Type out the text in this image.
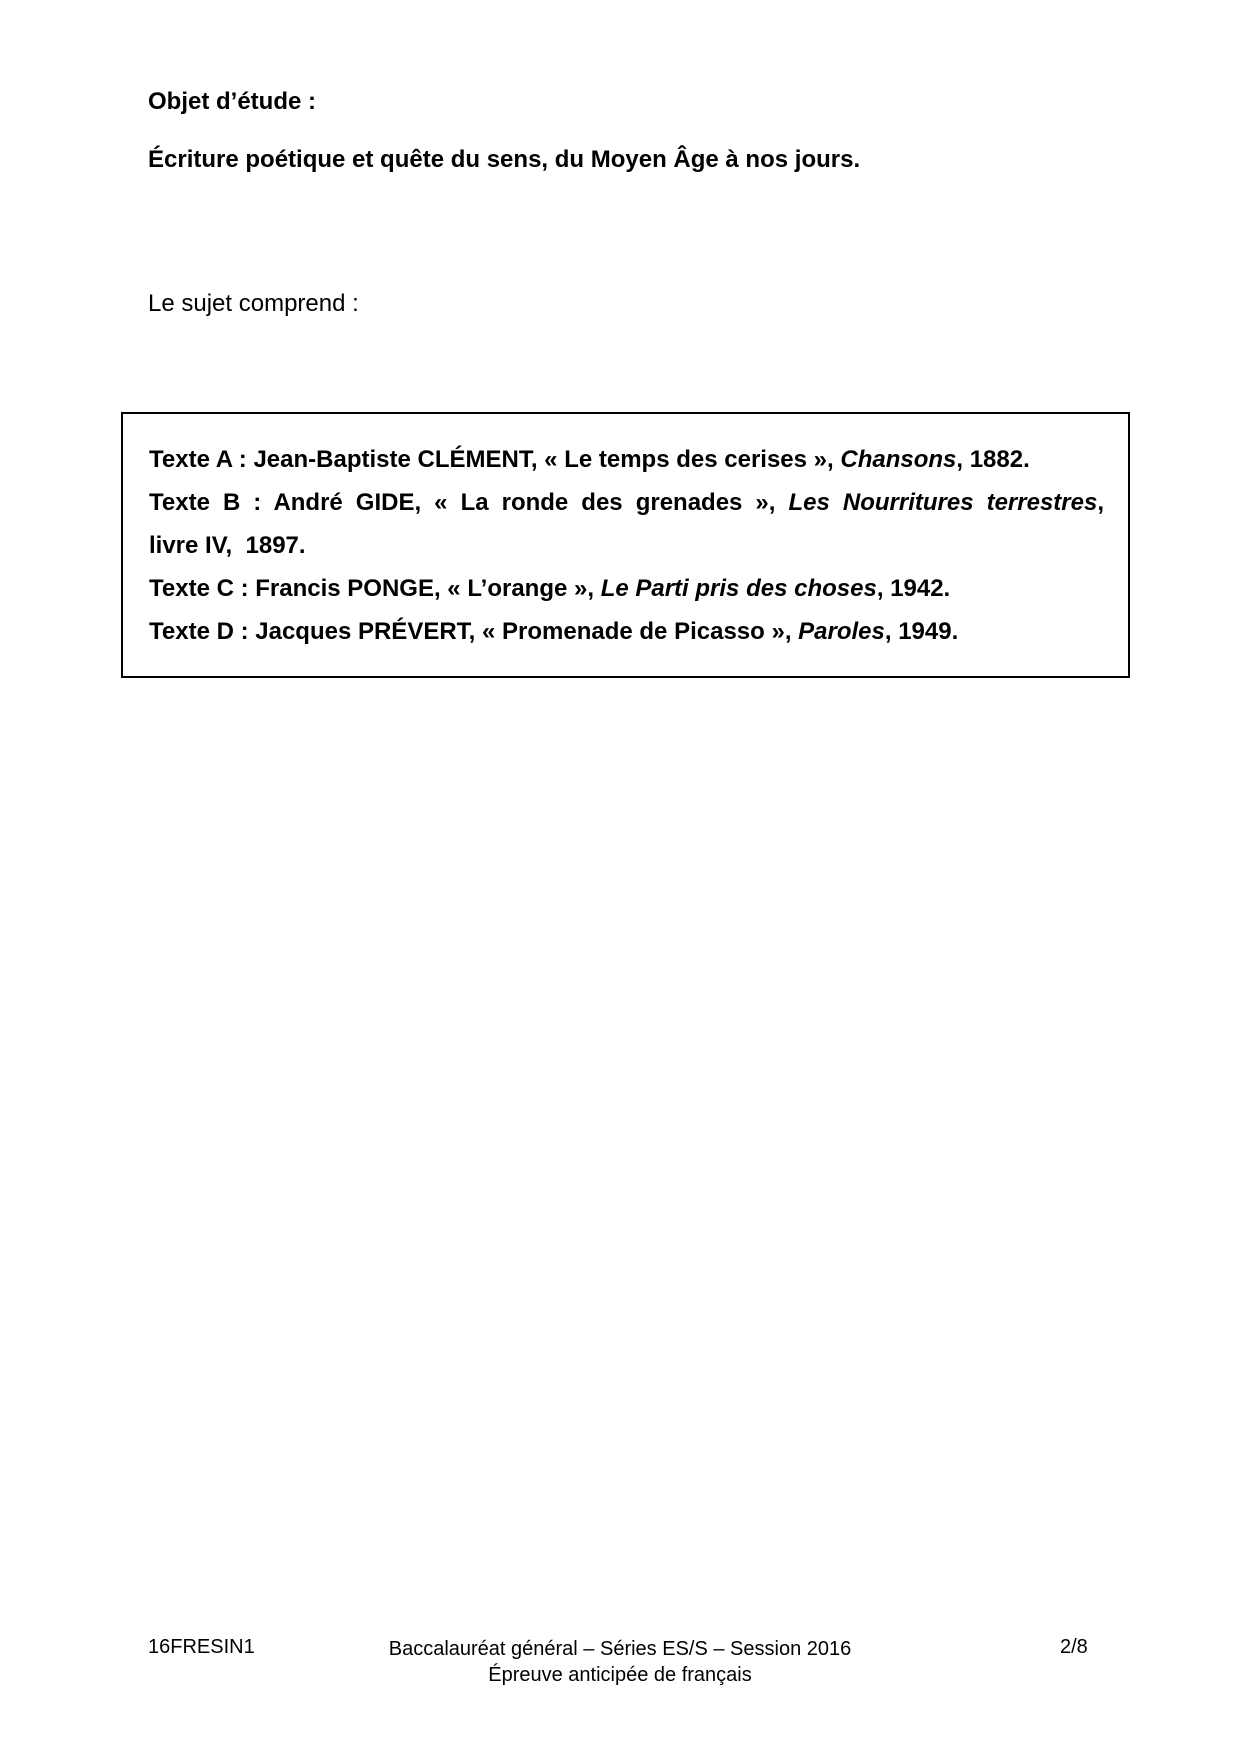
Objet d’étude :
Écriture poétique et quête du sens, du Moyen Âge à nos jours.
Le sujet comprend :
Texte A : Jean-Baptiste CLÉMENT, « Le temps des cerises », Chansons, 1882.
Texte B : André GIDE, « La ronde des grenades », Les Nourritures terrestres,
livre IV,  1897.
Texte C : Francis PONGE, « L’orange », Le Parti pris des choses, 1942.
Texte D : Jacques PRÉVERT, « Promenade de Picasso », Paroles, 1949.
16FRESIN1	Baccalauréat général – Séries ES/S – Session 2016
Épreuve anticipée de français
2/8
